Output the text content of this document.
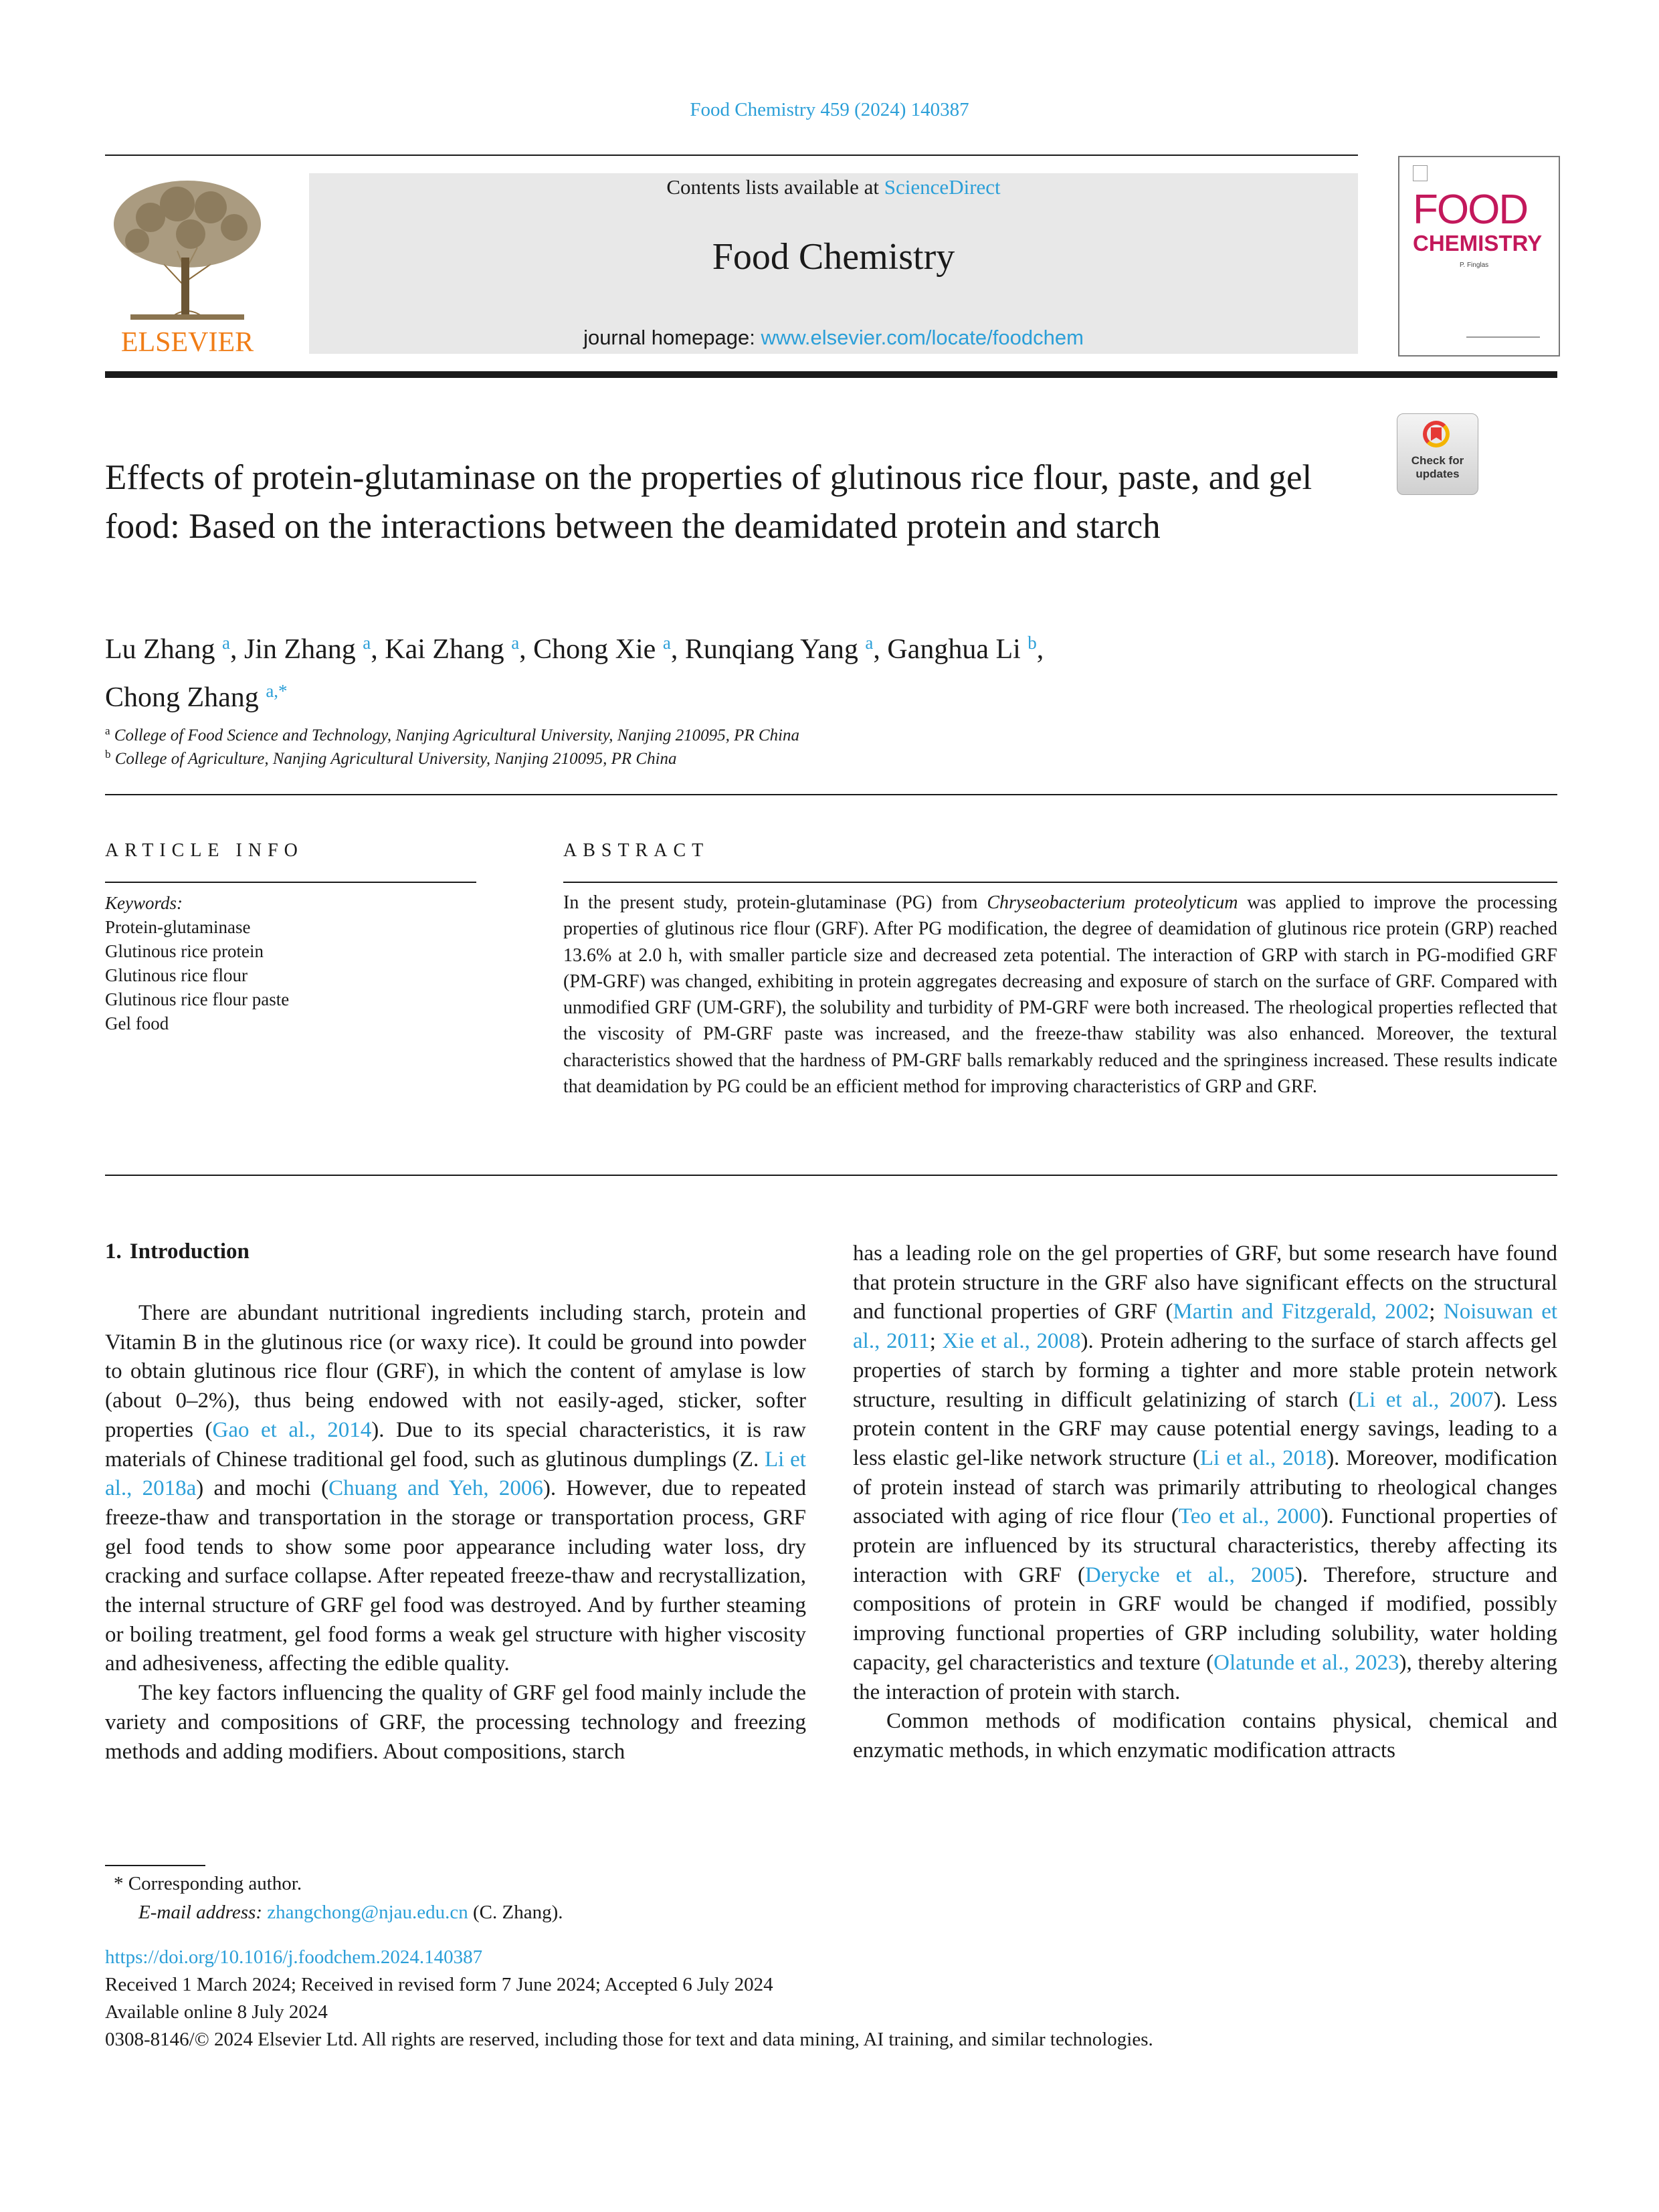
Food Chemistry 459 (2024) 140387
ELSEVIER
Contents lists available at ScienceDirect
Food Chemistry
journal homepage: www.elsevier.com/locate/foodchem
FOOD
CHEMISTRY
P. Finglas
Check for updates
Effects of protein-glutaminase on the properties of glutinous rice flour, paste, and gel food: Based on the interactions between the deamidated protein and starch
Lu Zhang $^a$, Jin Zhang $^a$, Kai Zhang $^a$, Chong Xie $^a$, Runqiang Yang $^a$, Ganghua Li $^b$,
Chong Zhang $^{a,*}$
$^a$ College of Food Science and Technology, Nanjing Agricultural University, Nanjing 210095, PR China
$^b$ College of Agriculture, Nanjing Agricultural University, Nanjing 210095, PR China
ARTICLE INFO	ABSTRACT
Keywords:
Protein-glutaminase
Glutinous rice protein
Glutinous rice flour
Glutinous rice flour paste
Gel food
In the present study, protein-glutaminase (PG) from Chryseobacterium proteolyticum was applied to improve the processing properties of glutinous rice flour (GRF). After PG modification, the degree of deamidation of glutinous rice protein (GRP) reached 13.6% at 2.0 h, with smaller particle size and decreased zeta potential. The interaction of GRP with starch in PG-modified GRF (PM-GRF) was changed, exhibiting in protein aggregates decreasing and exposure of starch on the surface of GRF. Compared with unmodified GRF (UM-GRF), the solubility and turbidity of PM-GRF were both increased. The rheological properties reflected that the viscosity of PM-GRF paste was increased, and the freeze-thaw stability was also enhanced. Moreover, the textural characteristics showed that the hardness of PM-GRF balls remarkably reduced and the springiness increased. These results indicate that deamidation by PG could be an efficient method for improving characteristics of GRP and GRF.
1. Introduction

There are abundant nutritional ingredients including starch, protein and Vitamin B in the glutinous rice (or waxy rice). It could be ground into powder to obtain glutinous rice flour (GRF), in which the content of amylase is low (about 0–2%), thus being endowed with not easily-aged, sticker, softer properties (Gao et al., 2014). Due to its special characteristics, it is raw materials of Chinese traditional gel food, such as glutinous dumplings (Z. Li et al., 2018a) and mochi (Chuang and Yeh, 2006). However, due to repeated freeze-thaw and transportation in the storage or transportation process, GRF gel food tends to show some poor appearance including water loss, dry cracking and surface collapse. After repeated freeze-thaw and recrystallization, the internal structure of GRF gel food was destroyed. And by further steaming or boiling treatment, gel food forms a weak gel structure with higher viscosity and adhesiveness, affecting the edible quality.

The key factors influencing the quality of GRF gel food mainly include the variety and compositions of GRF, the processing technology and freezing methods and adding modifiers. About compositions, starch

has a leading role on the gel properties of GRF, but some research have found that protein structure in the GRF also have significant effects on the structural and functional properties of GRF (Martin and Fitzgerald, 2002; Noisuwan et al., 2011; Xie et al., 2008). Protein adhering to the surface of starch affects gel properties of starch by forming a tighter and more stable protein network structure, resulting in difficult gelatinizing of starch (Li et al., 2007). Less protein content in the GRF may cause potential energy savings, leading to a less elastic gel-like network structure (Li et al., 2018). Moreover, modification of protein instead of starch was primarily attributing to rheological changes associated with aging of rice flour (Teo et al., 2000). Functional properties of protein are influenced by its structural characteristics, thereby affecting its interaction with GRF (Derycke et al., 2005). Therefore, structure and compositions of protein in GRF would be changed if modified, possibly improving functional properties of GRP including solubility, water holding capacity, gel characteristics and texture (Olatunde et al., 2023), thereby altering the interaction of protein with starch.

Common methods of modification contains physical, chemical and enzymatic methods, in which enzymatic modification attracts

* Corresponding author.
E-mail address: zhangchong@njau.edu.cn (C. Zhang).
https://doi.org/10.1016/j.foodchem.2024.140387
Received 1 March 2024; Received in revised form 7 June 2024; Accepted 6 July 2024
Available online 8 July 2024
0308-8146/© 2024 Elsevier Ltd. All rights are reserved, including those for text and data mining, AI training, and similar technologies.
